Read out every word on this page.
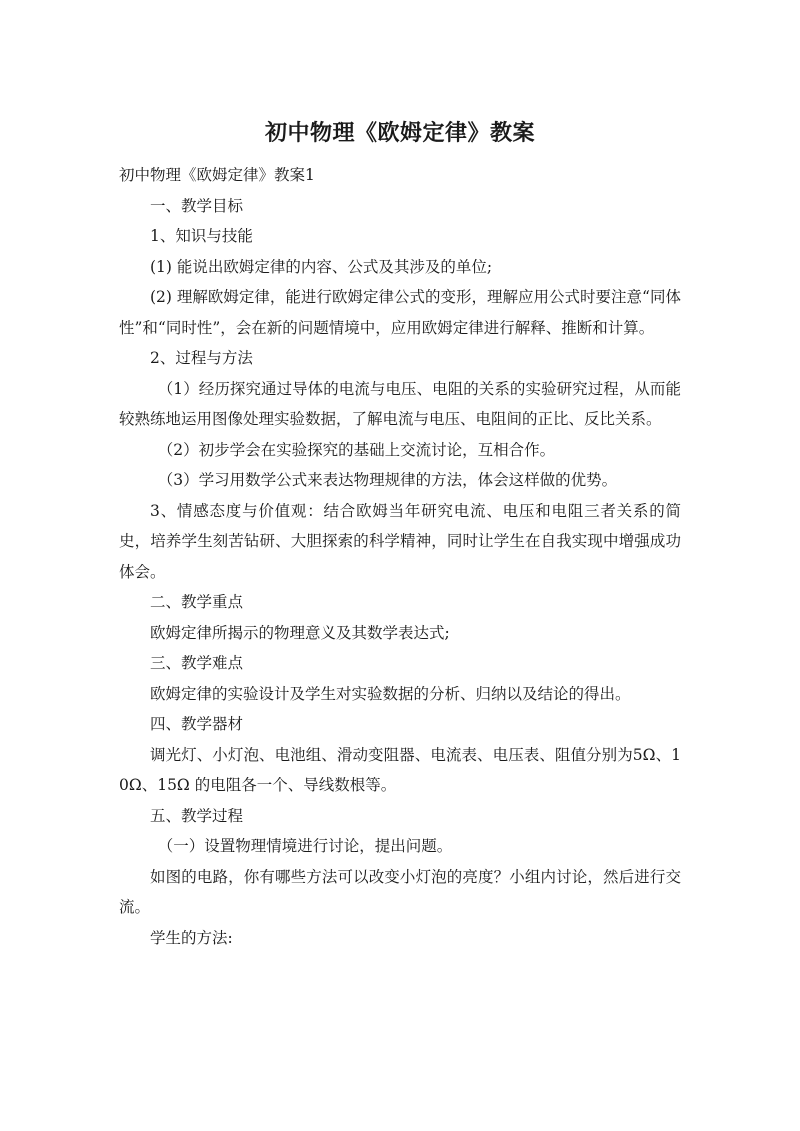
初中物理《欧姆定律》教案

初中物理《欧姆定律》教案1

一、教学目标

1、知识与技能

(1) 能说出欧姆定律的内容、公式及其涉及的单位;

(2) 理解欧姆定律，能进行欧姆定律公式的变形，理解应用公式时要注意“同体性”和“同时性”，会在新的问题情境中，应用欧姆定律进行解释、推断和计算。

2、过程与方法

（1）经历探究通过导体的电流与电压、电阻的关系的实验研究过程，从而能较熟练地运用图像处理实验数据，了解电流与电压、电阻间的正比、反比关系。

（2）初步学会在实验探究的基础上交流讨论，互相合作。

（3）学习用数学公式来表达物理规律的方法，体会这样做的优势。

3、情感态度与价值观：结合欧姆当年研究电流、电压和电阻三者关系的简史，培养学生刻苦钻研、大胆探索的科学精神，同时让学生在自我实现中增强成功体会。

二、教学重点

欧姆定律所揭示的物理意义及其数学表达式;

三、教学难点

欧姆定律的实验设计及学生对实验数据的分析、归纳以及结论的得出。

四、教学器材

调光灯、小灯泡、电池组、滑动变阻器、电流表、电压表、阻值分别为5Ω、10Ω、15Ω 的电阻各一个、导线数根等。

五、教学过程

（一）设置物理情境进行讨论，提出问题。

如图的电路，你有哪些方法可以改变小灯泡的亮度？小组内讨论，然后进行交流。

学生的方法:
